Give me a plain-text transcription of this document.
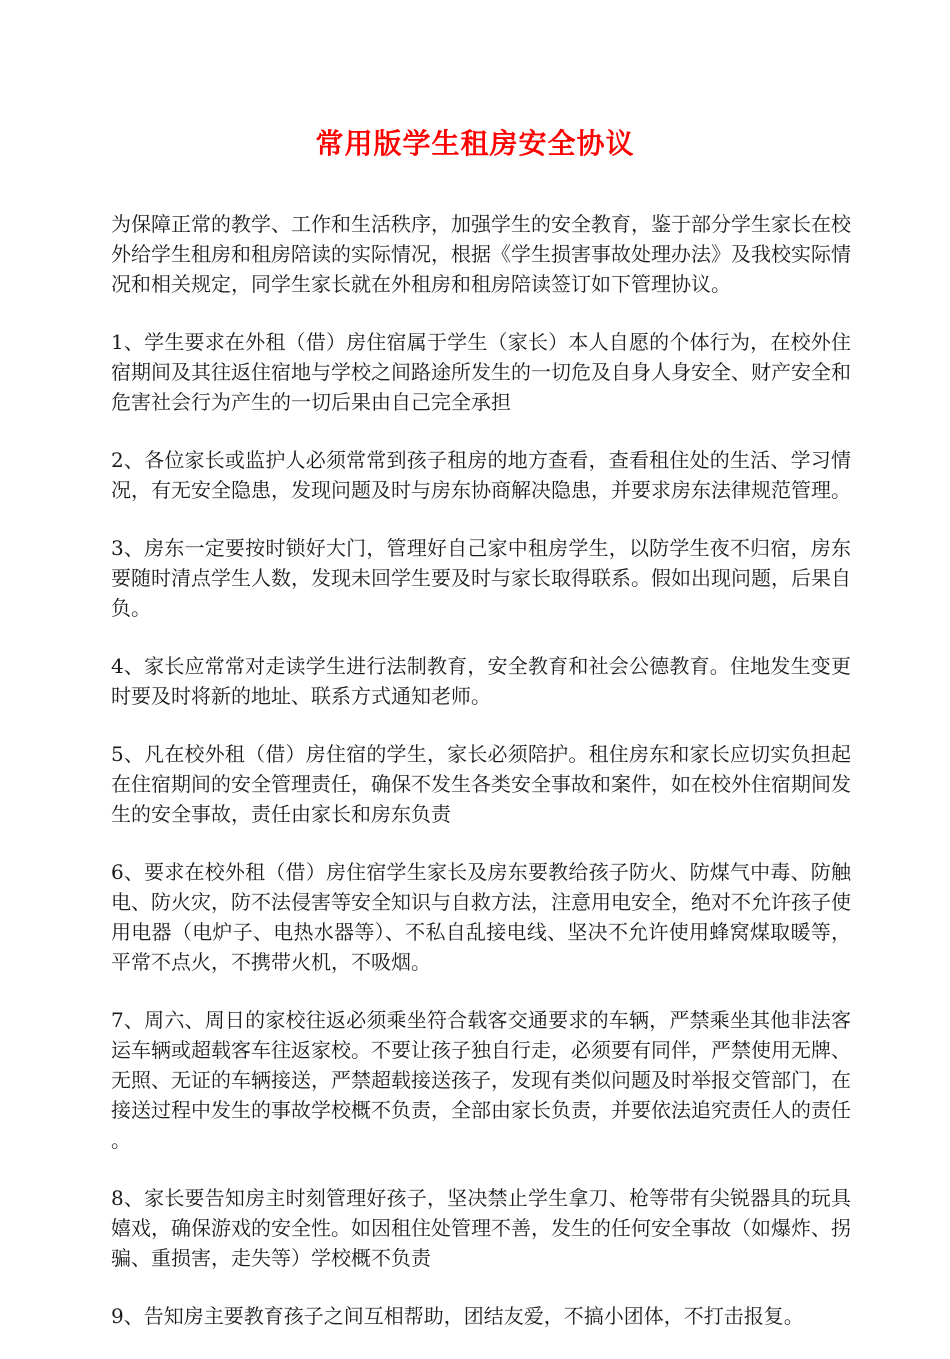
常用版学生租房安全协议

为保障正常的教学、工作和生活秩序，加强学生的安全教育，鉴于部分学生家长在校外给学生租房和租房陪读的实际情况，根据《学生损害事故处理办法》及我校实际情况和相关规定，同学生家长就在外租房和租房陪读签订如下管理协议。

1、学生要求在外租（借）房住宿属于学生（家长）本人自愿的个体行为，在校外住宿期间及其往返住宿地与学校之间路途所发生的一切危及自身人身安全、财产安全和危害社会行为产生的一切后果由自己完全承担

2、各位家长或监护人必须常常到孩子租房的地方查看，查看租住处的生活、学习情况，有无安全隐患，发现问题及时与房东协商解决隐患，并要求房东法律规范管理。

3、房东一定要按时锁好大门，管理好自己家中租房学生，以防学生夜不归宿，房东要随时清点学生人数，发现未回学生要及时与家长取得联系。假如出现问题，后果自负。

4、家长应常常对走读学生进行法制教育，安全教育和社会公德教育。住地发生变更时要及时将新的地址、联系方式通知老师。

5、凡在校外租（借）房住宿的学生，家长必须陪护。租住房东和家长应切实负担起在住宿期间的安全管理责任，确保不发生各类安全事故和案件，如在校外住宿期间发生的安全事故，责任由家长和房东负责

6、要求在校外租（借）房住宿学生家长及房东要教给孩子防火、防煤气中毒、防触电、防火灾，防不法侵害等安全知识与自救方法，注意用电安全，绝对不允许孩子使用电器（电炉子、电热水器等）、不私自乱接电线、坚决不允许使用蜂窝煤取暖等，平常不点火，不携带火机，不吸烟。

7、周六、周日的家校往返必须乘坐符合载客交通要求的车辆，严禁乘坐其他非法客运车辆或超载客车往返家校。不要让孩子独自行走，必须要有同伴，严禁使用无牌、无照、无证的车辆接送，严禁超载接送孩子，发现有类似问题及时举报交管部门，在接送过程中发生的事故学校概不负责，全部由家长负责，并要依法追究责任人的责任。

8、家长要告知房主时刻管理好孩子，坚决禁止学生拿刀、枪等带有尖锐器具的玩具嬉戏，确保游戏的安全性。如因租住处管理不善，发生的任何安全事故（如爆炸、拐骗、重损害，走失等）学校概不负责

9、告知房主要教育孩子之间互相帮助，团结友爱，不搞小团体，不打击报复。
